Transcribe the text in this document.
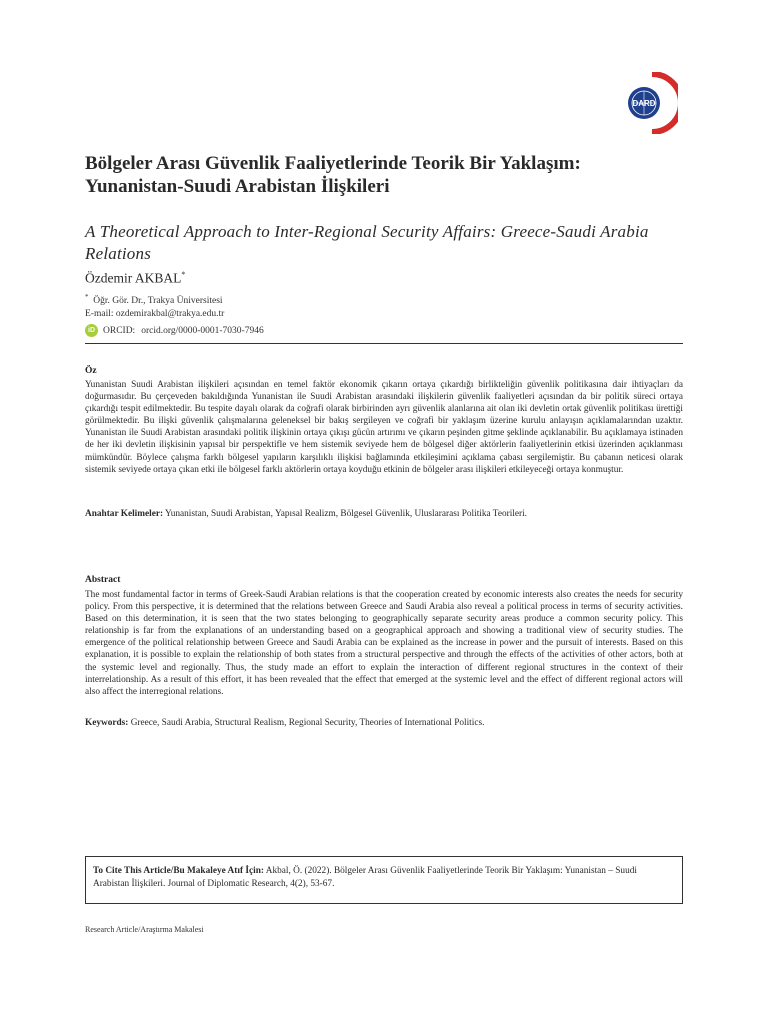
DARD
Bölgeler Arası Güvenlik Faaliyetlerinde Teorik Bir Yaklaşım: Yunanistan-Suudi Arabistan İlişkileri
A Theoretical Approach to Inter-Regional Security Affairs: Greece-Saudi Arabia Relations
Özdemir AKBAL*
* Öğr. Gör. Dr., Trakya Üniversitesi
E-mail: ozdemirakbal@trakya.edu.tr
iD ORCID: orcid.org/0000-0001-7030-7946
Öz
Yunanistan Suudi Arabistan ilişkileri açısından en temel faktör ekonomik çıkarın ortaya çıkardığı birlikteliğin güvenlik politikasına dair ihtiyaçları da doğurmasıdır. Bu çerçeveden bakıldığında Yunanistan ile Suudi Arabistan arasındaki ilişkilerin güvenlik faaliyetleri açısından da bir politik süreci ortaya çıkardığı tespit edilmektedir. Bu tespite dayalı olarak da coğrafi olarak birbirinden ayrı güvenlik alanlarına ait olan iki devletin ortak güvenlik politikası ürettiği görülmektedir. Bu ilişki güvenlik çalışmalarına geleneksel bir bakış sergileyen ve coğrafi bir yaklaşım üzerine kurulu anlayışın açıklamalarından uzaktır. Yunanistan ile Suudi Arabistan arasındaki politik ilişkinin ortaya çıkışı gücün artırımı ve çıkarın peşinden gitme şeklinde açıklanabilir. Bu açıklamaya istinaden de her iki devletin ilişkisinin yapısal bir perspektifle ve hem sistemik seviyede hem de bölgesel diğer aktörlerin faaliyetlerinin etkisi üzerinden açıklanması mümkündür. Böylece çalışma farklı bölgesel yapıların karşılıklı ilişkisi bağlamında etkileşimini açıklama çabası sergilemiştir. Bu çabanın neticesi olarak sistemik seviyede ortaya çıkan etki ile bölgesel farklı aktörlerin ortaya koyduğu etkinin de bölgeler arası ilişkileri etkileyeceği ortaya konmuştur.
Anahtar Kelimeler: Yunanistan, Suudi Arabistan, Yapısal Realizm, Bölgesel Güvenlik, Uluslararası Politika Teorileri.
Abstract
The most fundamental factor in terms of Greek-Saudi Arabian relations is that the cooperation created by economic interests also creates the needs for security policy. From this perspective, it is determined that the relations between Greece and Saudi Arabia also reveal a political process in terms of security activities. Based on this determination, it is seen that the two states belonging to geographically separate security areas produce a common security policy. This relationship is far from the explanations of an understanding based on a geographical approach and showing a traditional view of security studies. The emergence of the political relationship between Greece and Saudi Arabia can be explained as the increase in power and the pursuit of interests. Based on this explanation, it is possible to explain the relationship of both states from a structural perspective and through the effects of the activities of other actors, both at the systemic level and regionally. Thus, the study made an effort to explain the interaction of different regional structures in the context of their interrelationship. As a result of this effort, it has been revealed that the effect that emerged at the systemic level and the effect of different regional actors will also affect the interregional relations.
Keywords: Greece, Saudi Arabia, Structural Realism, Regional Security, Theories of International Politics.
To Cite This Article/Bu Makaleye Atıf İçin: Akbal, Ö. (2022). Bölgeler Arası Güvenlik Faaliyetlerinde Teorik Bir Yaklaşım: Yunanistan – Suudi Arabistan İlişkileri. Journal of Diplomatic Research, 4(2), 53-67.
Research Article/Araştırma Makalesi
